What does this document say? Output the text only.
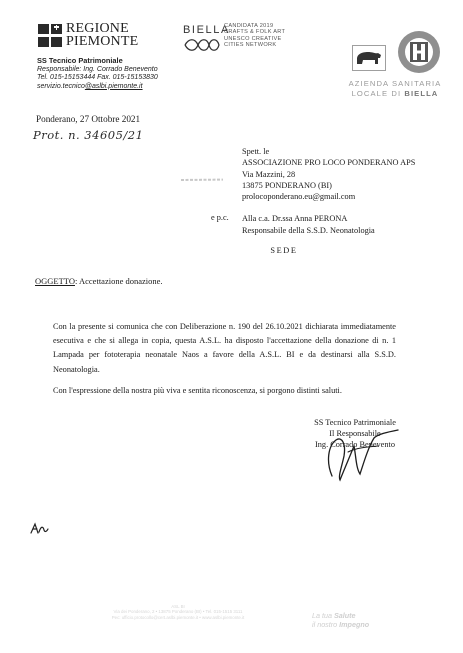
REGIONE
PIEMONTE
SS Tecnico Patrimoniale
Responsabile: Ing. Corrado Benevento
Tel. 015-15153444 Fax. 015-15153830
servizio.tecnico@aslbi.piemonte.it
BIELLA
CANDIDATA 2019
CRAFTS & FOLK ART
UNESCO CREATIVE
CITIES NETWORK
AZIENDA SANITARIA
LOCALE DI BIELLA
Ponderano, 27 Ottobre 2021
Prot. n. 34605/21
Spett. le
ASSOCIAZIONE PRO LOCO PONDERANO APS
Via Mazzini, 28
13875 PONDERANO (BI)
prolocoponderano.eu@gmail.com
e p.c. Alla c.a. Dr.ssa Anna PERONA
Responsabile della S.S.D. Neonatologia
SEDE
OGGETTO: Accettazione donazione.

Con la presente si comunica che con Deliberazione n. 190 del 26.10.2021 dichiarata immediatamente esecutiva e che si allega in copia, questa A.S.L. ha disposto l'accettazione della donazione di n. 1 Lampada per fototerapia neonatale Naos a favore della A.S.L. BI e da destinarsi alla S.S.D. Neonatologia.

Con l'espressione della nostra più viva e sentita riconoscenza, si porgono distinti saluti.
SS Tecnico Patrimoniale
Il Responsabile
Ing. Corrado Benevento
ASL BI
Via dei Ponderano, 2 • 13875 Ponderano (BI) • Tel. 015-1515 3111
Pec: ufficio.protocollo@cert.aslbi.piemonte.it • www.aslbi.piemonte.it	La tua Salute
il nostro Impegno
